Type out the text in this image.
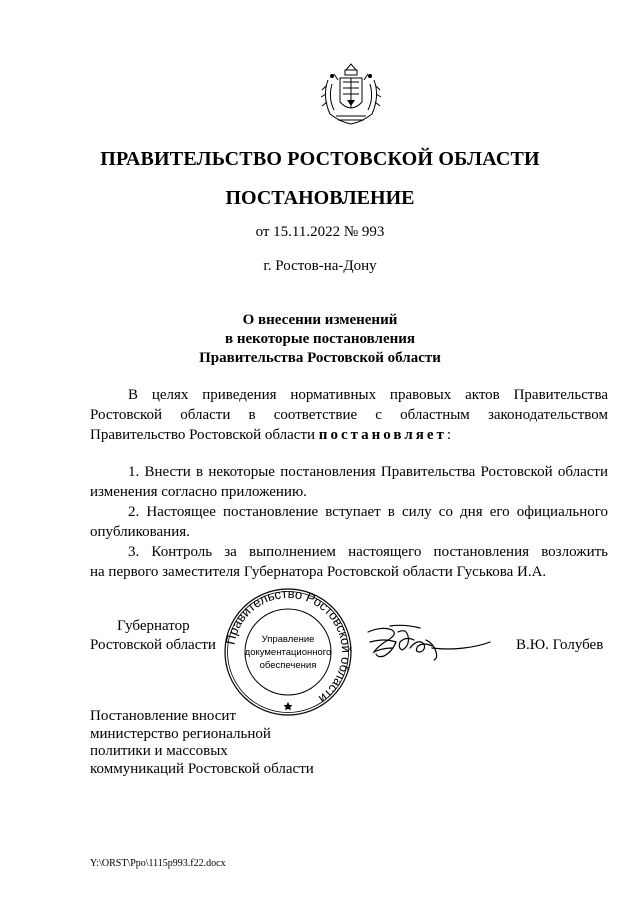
ПРАВИТЕЛЬСТВО РОСТОВСКОЙ ОБЛАСТИ
ПОСТАНОВЛЕНИЕ
от 15.11.2022 № 993
г. Ростов-на-Дону
О внесении изменений
в некоторые постановления
Правительства Ростовской области
В целях приведения нормативных правовых актов Правительства
Ростовской области в соответствие с областным законодательством
Правительство Ростовской области постановляет:
1. Внести в некоторые постановления Правительства Ростовской области
изменения согласно приложению.
2. Настоящее постановление вступает в силу со дня его официального
опубликования.
3. Контроль за выполнением настоящего постановления возложить
на первого заместителя Губернатора Ростовской области Гуськова И.А.
Губернатор
Ростовской области Правительство Ростовской области
Управление
документационного
обеспечения
В.Ю. Голубев
Постановление вносит
министерство региональной
политики и массовых
коммуникаций Ростовской области
Y:\ORST\Ppo\1115p993.f22.docx
